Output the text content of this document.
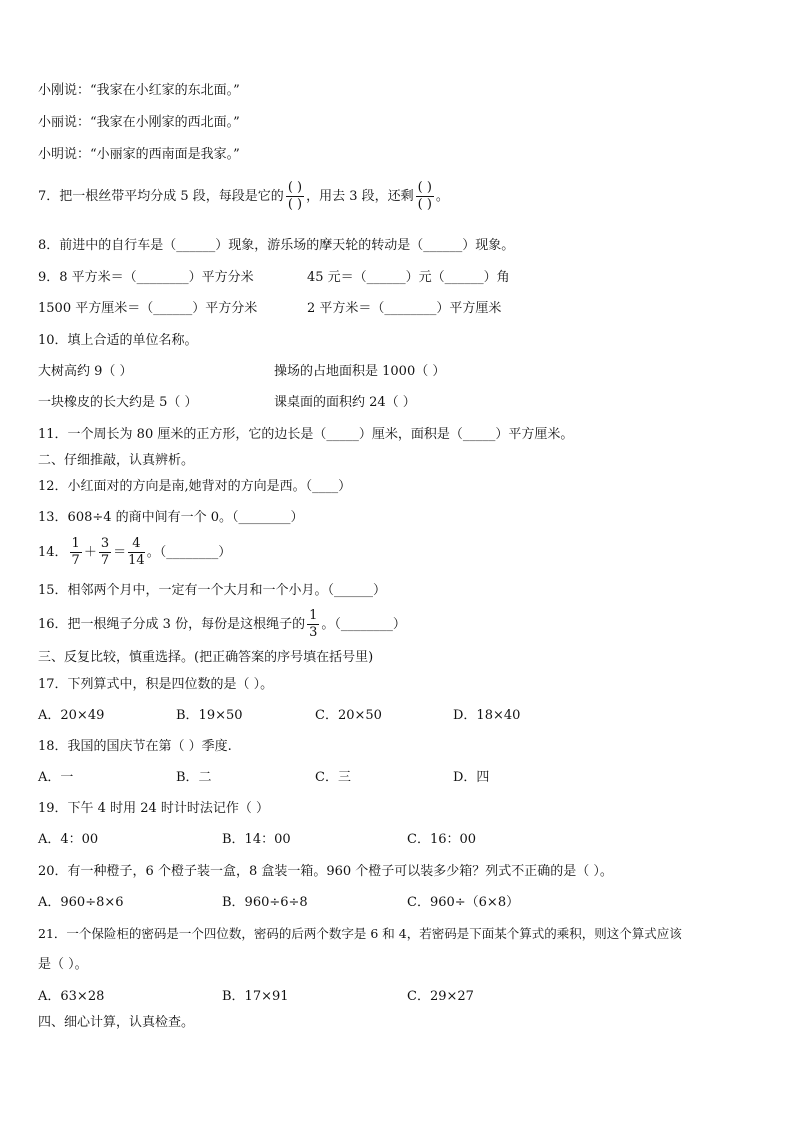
小刚说：“我家在小红家的东北面。”
小丽说：“我家在小刚家的西北面。”
小明说：“小丽家的西南面是我家。”
7．把一根丝带平均分成 5 段，每段是它的 $\frac{( )}{( )}$ ，用去 3 段，还剩 $\frac{( )}{( )}$ 。
8．前进中的自行车是（______）现象，游乐场的摩天轮的转动是（______）现象。
9．8 平方米＝（________）平方分米	45 元＝（______）元（______）角
1500 平方厘米＝（______）平方分米	2 平方米＝（________）平方厘米
10．填上合适的单位名称。
大树高约 9（ ）	操场的占地面积是 1000（ ）
一块橡皮的长大约是 5（ ）	课桌面的面积约 24（ ）
11．一个周长为 80 厘米的正方形，它的边长是（_____）厘米，面积是（_____）平方厘米。
二、仔细推敲，认真辨析。
12．小红面对的方向是南,她背对的方向是西。（____）
13．608÷4 的商中间有一个 0。（________）
14． $\frac{1}{7} + \frac{3}{7} = \frac{4}{14}$ 。（________）
15．相邻两个月中，一定有一个大月和一个小月。（______）
16．把一根绳子分成 3 份，每份是这根绳子的 $\frac{1}{3}$ 。（________）
三、反复比较，慎重选择。(把正确答案的序号填在括号里)
17．下列算式中，积是四位数的是（ ）。
A．20×49	B．19×50	C．20×50	D．18×40
18．我国的国庆节在第（ ）季度.
A．一	B．二	C．三	D．四
19．下午 4 时用 24 时计时法记作（ ）
A．4：00	B．14：00	C．16：00
20．有一种橙子，6 个橙子装一盒，8 盒装一箱。960 个橙子可以装多少箱？列式不正确的是（ ）。
A．960÷8×6	B．960÷6÷8	C．960÷（6×8）
21．一个保险柜的密码是一个四位数，密码的后两个数字是 6 和 4，若密码是下面某个算式的乘积，则这个算式应该
是（ ）。
A．63×28	B．17×91	C．29×27
四、细心计算，认真检查。
